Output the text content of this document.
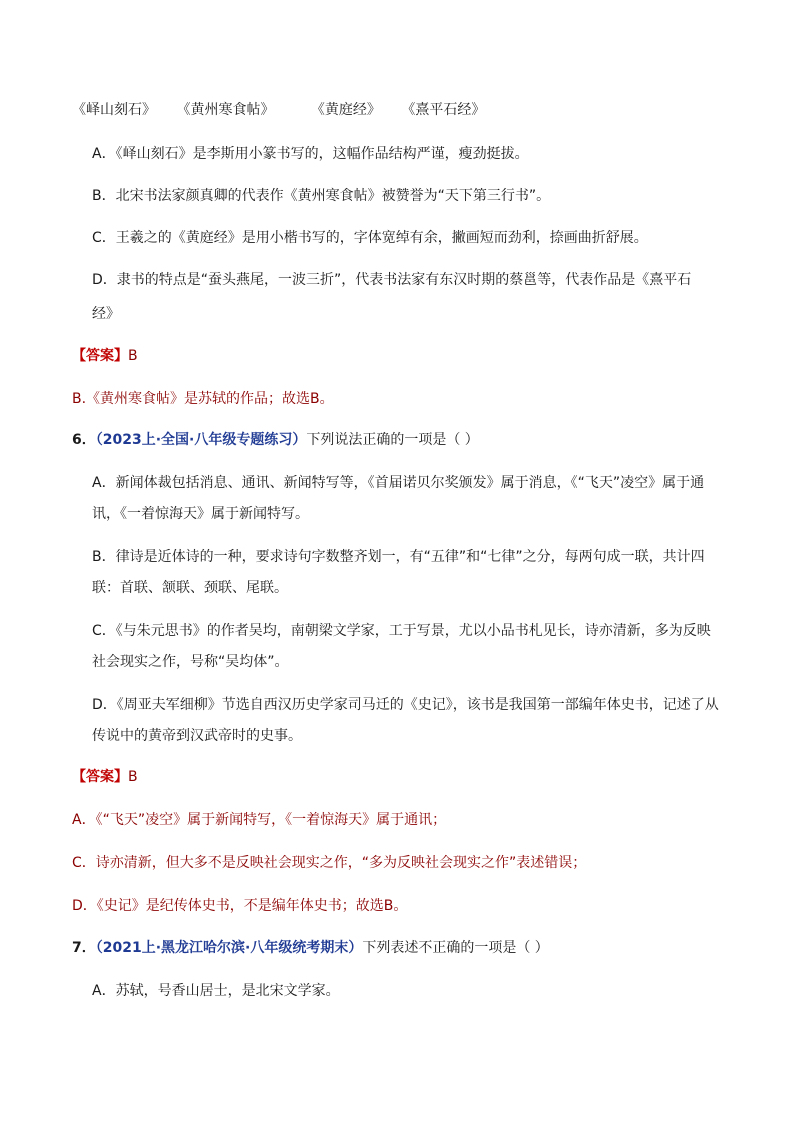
《峄山刻石》 《黄州寒食帖》	《黄庭经》 《熹平石经》
A．《峄山刻石》是李斯用小篆书写的，这幅作品结构严谨，瘦劲挺拔。
B．北宋书法家颜真卿的代表作《黄州寒食帖》被赞誉为“天下第三行书”。
C．王羲之的《黄庭经》是用小楷书写的，字体宽绰有余，撇画短而劲利，捺画曲折舒展。
D．隶书的特点是“蚕头燕尾，一波三折”，代表书法家有东汉时期的蔡邕等，代表作品是《熹平石
经》
【答案】B
B.《黄州寒食帖》是苏轼的作品；故选B。
6．（2023上·全国·八年级专题练习）下列说法正确的一项是（ ）
A．新闻体裁包括消息、通讯、新闻特写等，《首届诺贝尔奖颁发》属于消息，《“飞天”凌空》属于通
讯，《一着惊海天》属于新闻特写。
B．律诗是近体诗的一种，要求诗句字数整齐划一，有“五律”和“七律”之分，每两句成一联，共计四
联：首联、颔联、颈联、尾联。
C．《与朱元思书》的作者吴均，南朝梁文学家，工于写景，尤以小品书札见长，诗亦清新，多为反映
社会现实之作，号称“吴均体”。
D．《周亚夫军细柳》节选自西汉历史学家司马迁的《史记》，该书是我国第一部编年体史书，记述了从
传说中的黄帝到汉武帝时的史事。
【答案】B
A．《“飞天”凌空》属于新闻特写，《一着惊海天》属于通讯；
C．诗亦清新，但大多不是反映社会现实之作，“多为反映社会现实之作”表述错误；
D．《史记》是纪传体史书，不是编年体史书；故选B。
7．（2021上·黑龙江哈尔滨·八年级统考期末）下列表述不正确的一项是（ ）
A．苏轼，号香山居士，是北宋文学家。
